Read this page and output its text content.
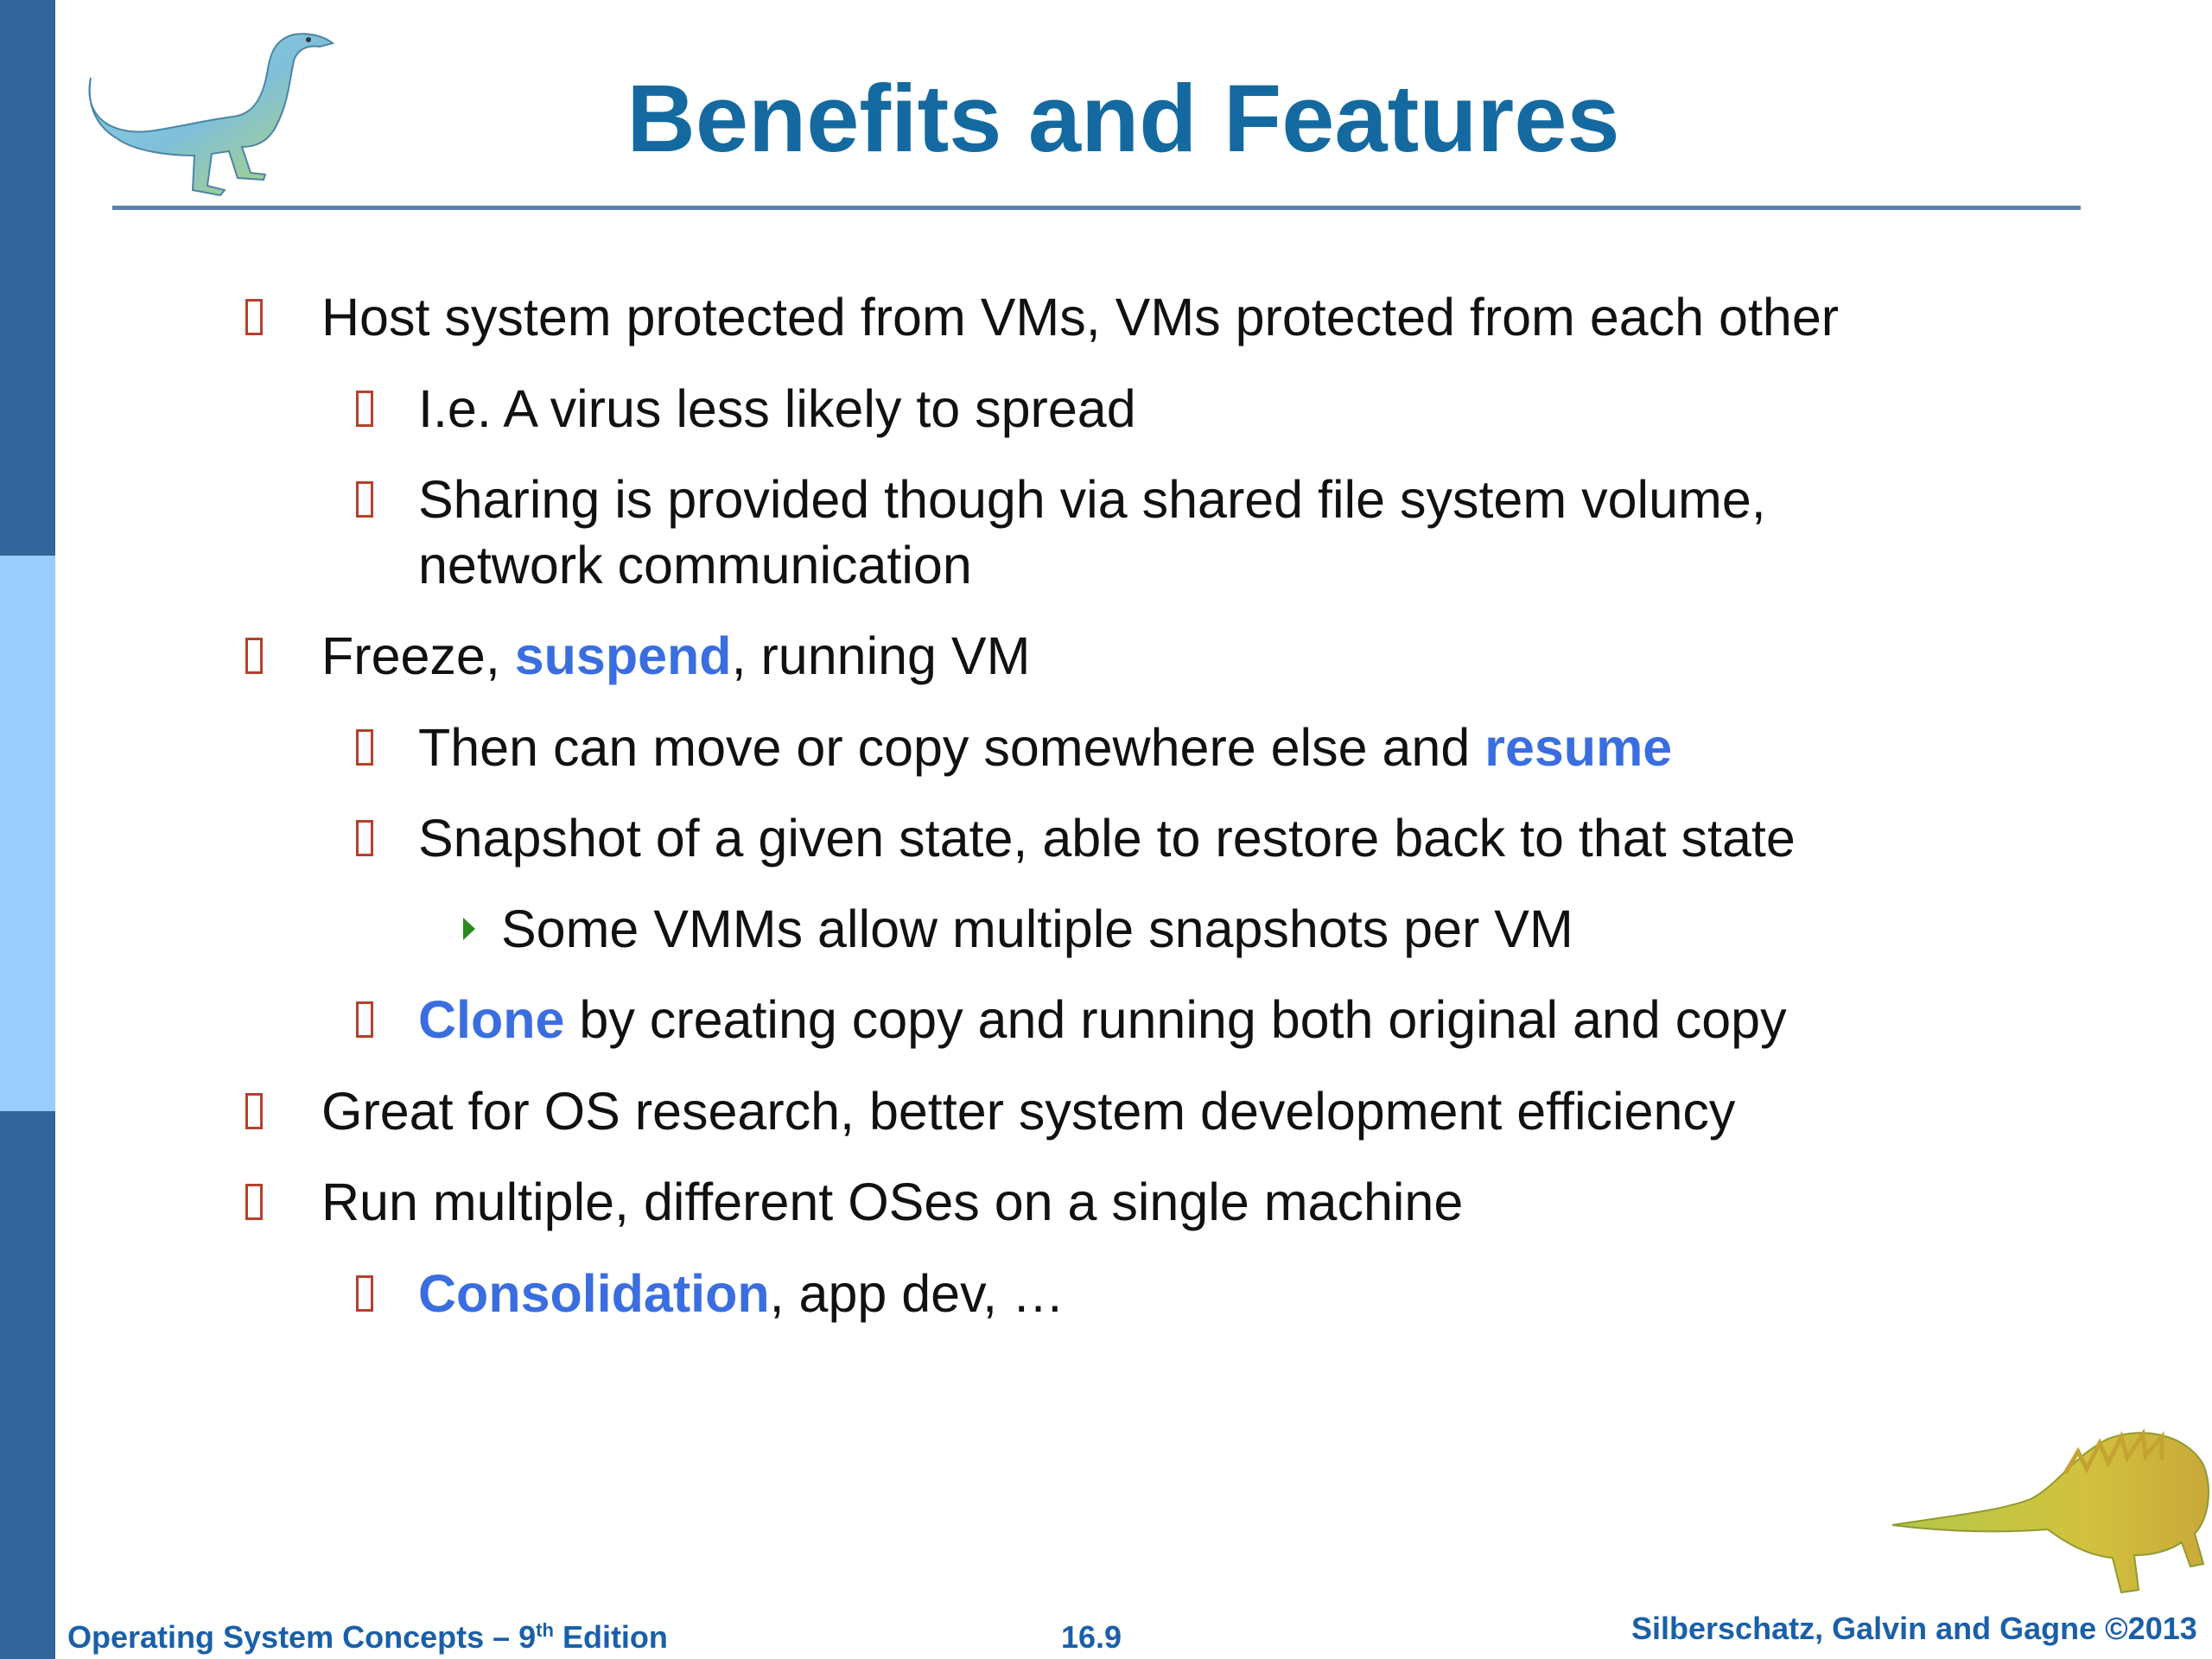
Benefits and Features
Host system protected from VMs, VMs protected from each other
I.e. A virus less likely to spread
Sharing is provided though via shared file system volume,
network communication
Freeze, suspend, running VM
Then can move or copy somewhere else and resume
Snapshot of a given state, able to restore back to that state
Some VMMs allow multiple snapshots per VM
Clone by creating copy and running both original and copy
Great for OS research, better system development efficiency
Run multiple, different OSes on a single machine
Consolidation, app dev, …
Operating System Concepts – 9th Edition	16.9	Silberschatz, Galvin and Gagne ©2013
